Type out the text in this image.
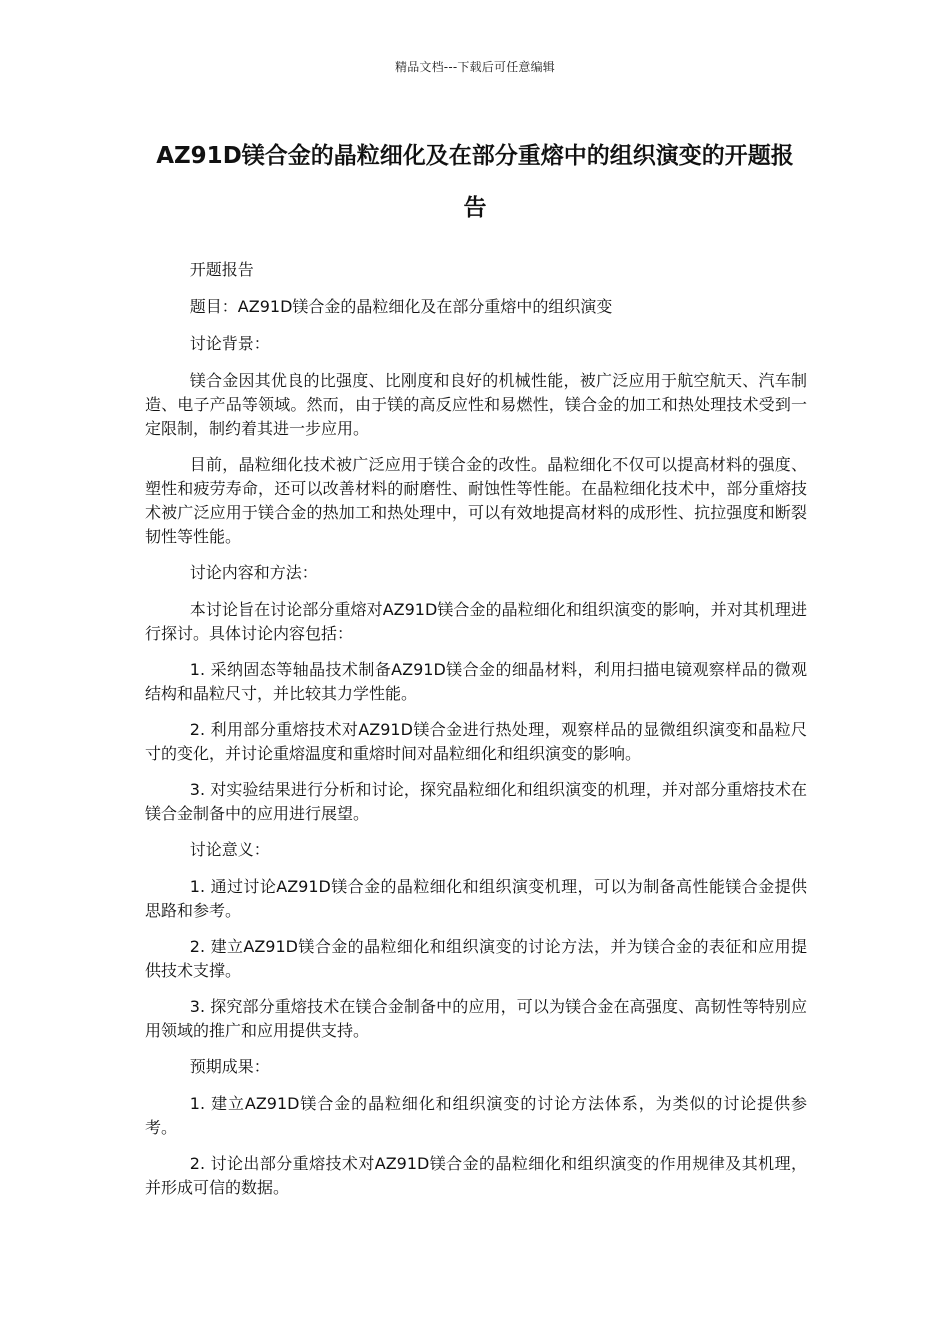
精品文档---下载后可任意编辑
AZ91D镁合金的晶粒细化及在部分重熔中的组织演变的开题报告

开题报告

题目：AZ91D镁合金的晶粒细化及在部分重熔中的组织演变

讨论背景：

镁合金因其优良的比强度、比刚度和良好的机械性能，被广泛应用于航空航天、汽车制造、电子产品等领域。然而，由于镁的高反应性和易燃性，镁合金的加工和热处理技术受到一定限制，制约着其进一步应用。

目前，晶粒细化技术被广泛应用于镁合金的改性。晶粒细化不仅可以提高材料的强度、塑性和疲劳寿命，还可以改善材料的耐磨性、耐蚀性等性能。在晶粒细化技术中，部分重熔技术被广泛应用于镁合金的热加工和热处理中，可以有效地提高材料的成形性、抗拉强度和断裂韧性等性能。

讨论内容和方法：

本讨论旨在讨论部分重熔对AZ91D镁合金的晶粒细化和组织演变的影响，并对其机理进行探讨。具体讨论内容包括：

1. 采纳固态等轴晶技术制备AZ91D镁合金的细晶材料，利用扫描电镜观察样品的微观结构和晶粒尺寸，并比较其力学性能。

2. 利用部分重熔技术对AZ91D镁合金进行热处理，观察样品的显微组织演变和晶粒尺寸的变化，并讨论重熔温度和重熔时间对晶粒细化和组织演变的影响。

3. 对实验结果进行分析和讨论，探究晶粒细化和组织演变的机理，并对部分重熔技术在镁合金制备中的应用进行展望。

讨论意义：

1. 通过讨论AZ91D镁合金的晶粒细化和组织演变机理，可以为制备高性能镁合金提供思路和参考。

2. 建立AZ91D镁合金的晶粒细化和组织演变的讨论方法，并为镁合金的表征和应用提供技术支撑。

3. 探究部分重熔技术在镁合金制备中的应用，可以为镁合金在高强度、高韧性等特别应用领域的推广和应用提供支持。

预期成果：

1. 建立AZ91D镁合金的晶粒细化和组织演变的讨论方法体系，为类似的讨论提供参考。

2. 讨论出部分重熔技术对AZ91D镁合金的晶粒细化和组织演变的作用规律及其机理，并形成可信的数据。
